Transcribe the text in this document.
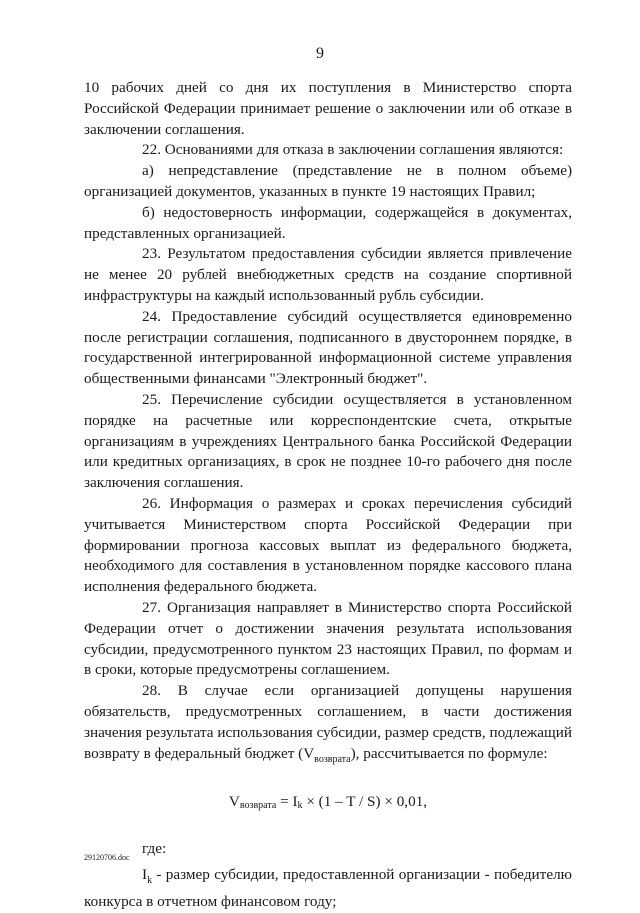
9

10 рабочих дней со дня их поступления в Министерство спорта Российской Федерации принимает решение о заключении или об отказе в заключении соглашения.

22. Основаниями для отказа в заключении соглашения являются:

а) непредставление (представление не в полном объеме) организацией документов, указанных в пункте 19 настоящих Правил;

б) недостоверность информации, содержащейся в документах, представленных организацией.

23. Результатом предоставления субсидии является привлечение не менее 20 рублей внебюджетных средств на создание спортивной инфраструктуры на каждый использованный рубль субсидии.

24. Предоставление субсидий осуществляется единовременно после регистрации соглашения, подписанного в двустороннем порядке, в государственной интегрированной информационной системе управления общественными финансами "Электронный бюджет".

25. Перечисление субсидии осуществляется в установленном порядке на расчетные или корреспондентские счета, открытые организациям в учреждениях Центрального банка Российской Федерации или кредитных организациях, в срок не позднее 10-го рабочего дня после заключения соглашения.

26. Информация о размерах и сроках перечисления субсидий учитывается Министерством спорта Российской Федерации при формировании прогноза кассовых выплат из федерального бюджета, необходимого для составления в установленном порядке кассового плана исполнения федерального бюджета.

27. Организация направляет в Министерство спорта Российской Федерации отчет о достижении значения результата использования субсидии, предусмотренного пунктом 23 настоящих Правил, по формам и в сроки, которые предусмотрены соглашением.

28. В случае если организацией допущены нарушения обязательств, предусмотренных соглашением, в части достижения значения результата использования субсидии, размер средств, подлежащий возврату в федеральный бюджет $(V_{возврата})$, рассчитывается по формуле:

$V_{возврата} = I_k \times (1 - T / S) \times 0,01$,

где:

$I_k$ - размер субсидии, предоставленной организации - победителю конкурса в отчетном финансовом году;

29120706.doc
